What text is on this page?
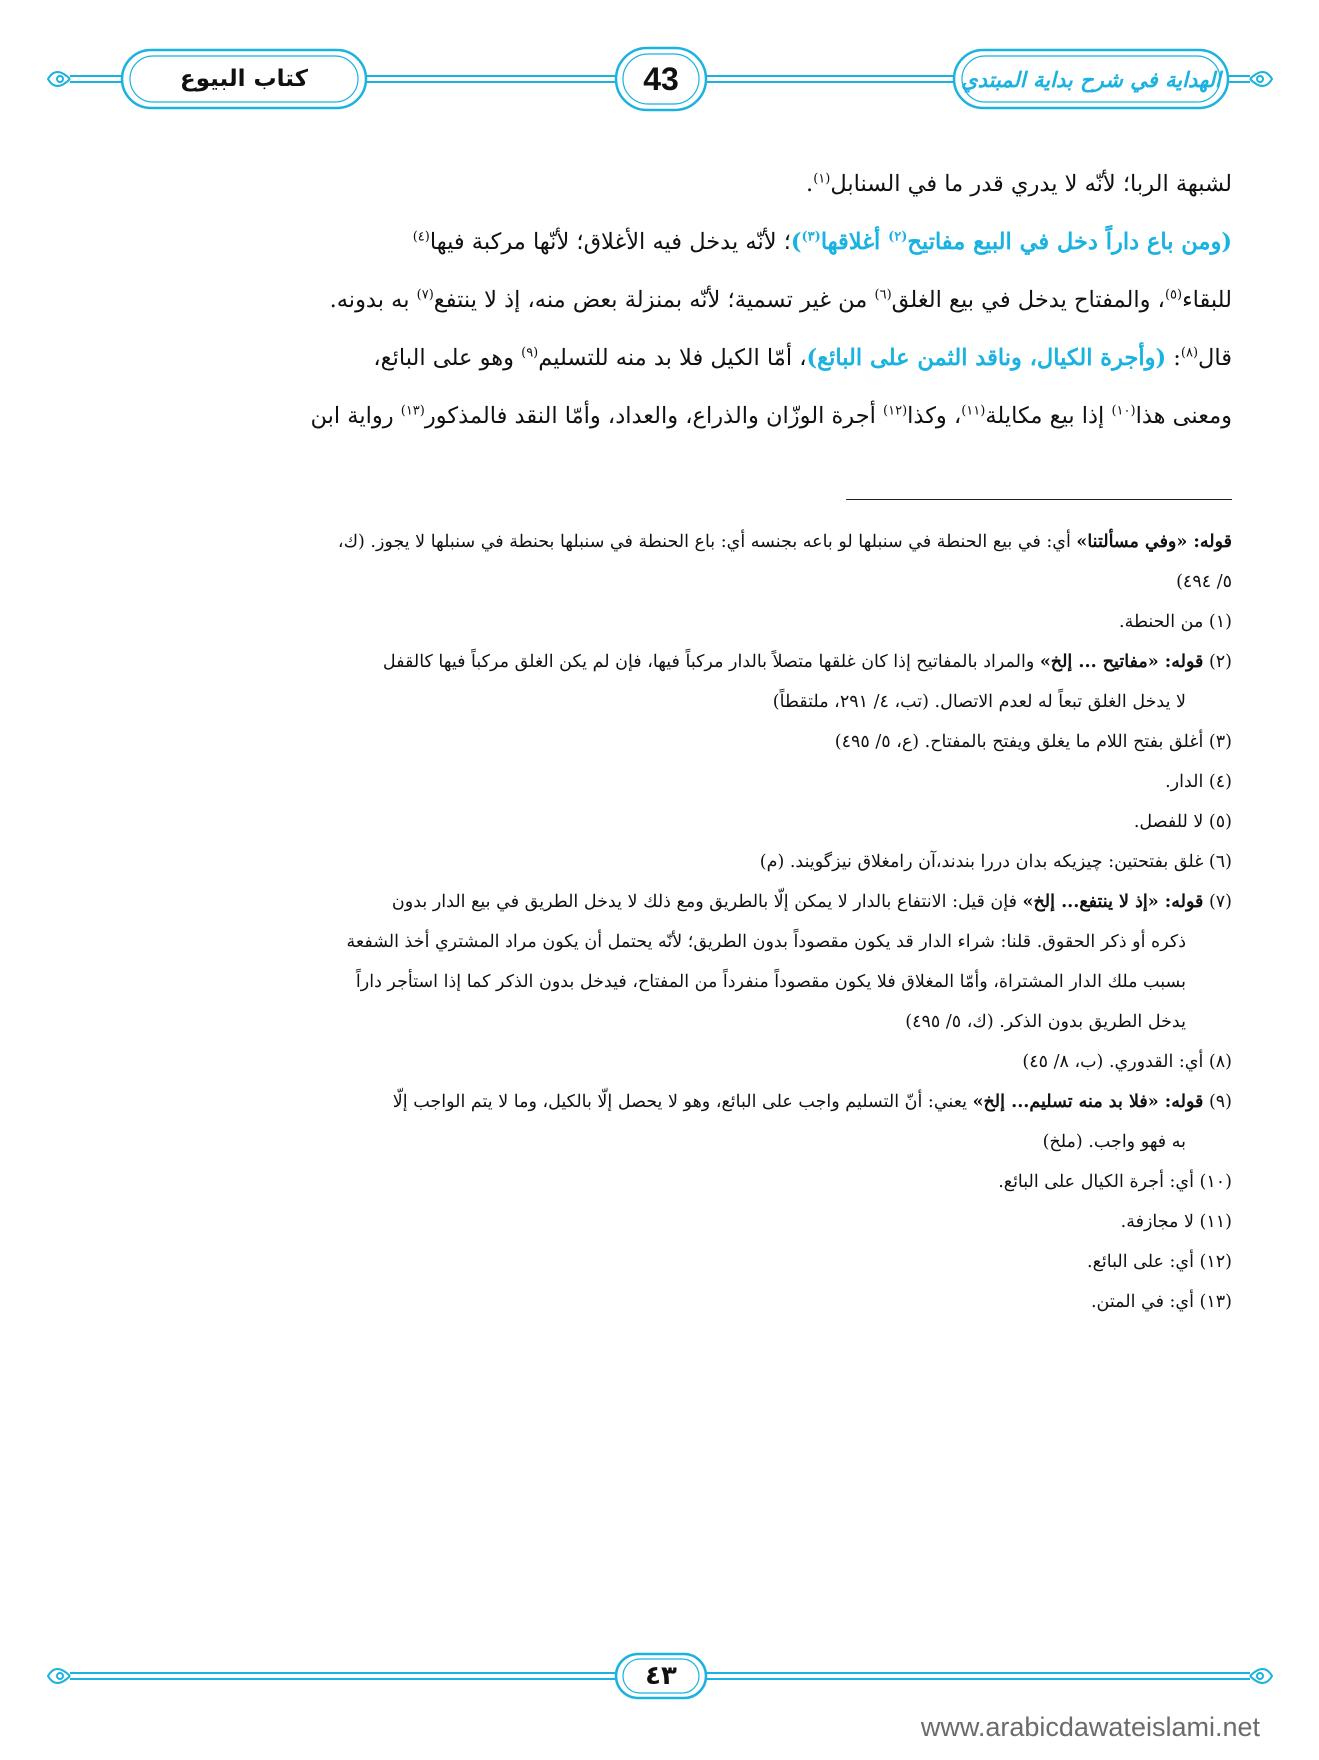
كتاب البيوع	43	الهداية في شرح بداية المبتدي
لشبهة الربا؛ لأنّه لا يدري قدر ما في السنابل$^{(١)}$.
(ومن باع داراً دخل في البيع مفاتيح$^{(٢)}$ أغلاقها$^{(٣)}$)؛ لأنّه يدخل فيه الأغلاق؛ لأنّها مركبة فيها$^{(٤)}$
للبقاء$^{(٥)}$، والمفتاح يدخل في بيع الغلق$^{(٦)}$ من غير تسمية؛ لأنّه بمنزلة بعض منه، إذ لا ينتفع$^{(٧)}$ به بدونه.
قال$^{(٨)}$: (وأجرة الكيال، وناقد الثمن على البائع)، أمّا الكيل فلا بد منه للتسليم$^{(٩)}$ وهو على البائع،
ومعنى هذا$^{(١٠)}$ إذا بيع مكايلة$^{(١١)}$، وكذا$^{(١٢)}$ أجرة الوزّان والذراع، والعداد، وأمّا النقد فالمذكور$^{(١٣)}$ رواية ابن
قوله: «وفي مسألتنا» أي: في بيع الحنطة في سنبلها لو باعه بجنسه أي: باع الحنطة في سنبلها بحنطة في سنبلها لا يجوز. (ك،
٥/ ٤٩٤)
(١) من الحنطة.
(٢) قوله: «مفاتيح ... إلخ» والمراد بالمفاتيح إذا كان غلقها متصلاً بالدار مركباً فيها، فإن لم يكن الغلق مركباً فيها كالقفل
لا يدخل الغلق تبعاً له لعدم الاتصال. (تب، ٤/ ٢٩١، ملتقطاً)
(٣) أغلق بفتح اللام ما يغلق ويفتح بالمفتاح. (ع، ٥/ ٤٩٥)
(٤) الدار.
(٥) لا للفصل.
(٦) غلق بفتحتين: چيزيکه بدان دررا بندند،آن رامغلاق نيزگويند. (م)
(٧) قوله: «إذ لا ينتفع... إلخ» فإن قيل: الانتفاع بالدار لا يمكن إلّا بالطريق ومع ذلك لا يدخل الطريق في بيع الدار بدون
ذكره أو ذكر الحقوق. قلنا: شراء الدار قد يكون مقصوداً بدون الطريق؛ لأنّه يحتمل أن يكون مراد المشتري أخذ الشفعة
بسبب ملك الدار المشتراة، وأمّا المغلاق فلا يكون مقصوداً منفرداً من المفتاح، فيدخل بدون الذكر كما إذا استأجر داراً
يدخل الطريق بدون الذكر. (ك، ٥/ ٤٩٥)
(٨) أي: القدوري. (ب، ٨/ ٤٥)
(٩) قوله: «فلا بد منه تسليم... إلخ» يعني: أنّ التسليم واجب على البائع، وهو لا يحصل إلّا بالكيل، وما لا يتم الواجب إلّا
به فهو واجب. (ملخ)
(١٠) أي: أجرة الكيال على البائع.
(١١) لا مجازفة.
(١٢) أي: على البائع.
(١٣) أي: في المتن.
٤٣
www.arabicdawateislami.net
